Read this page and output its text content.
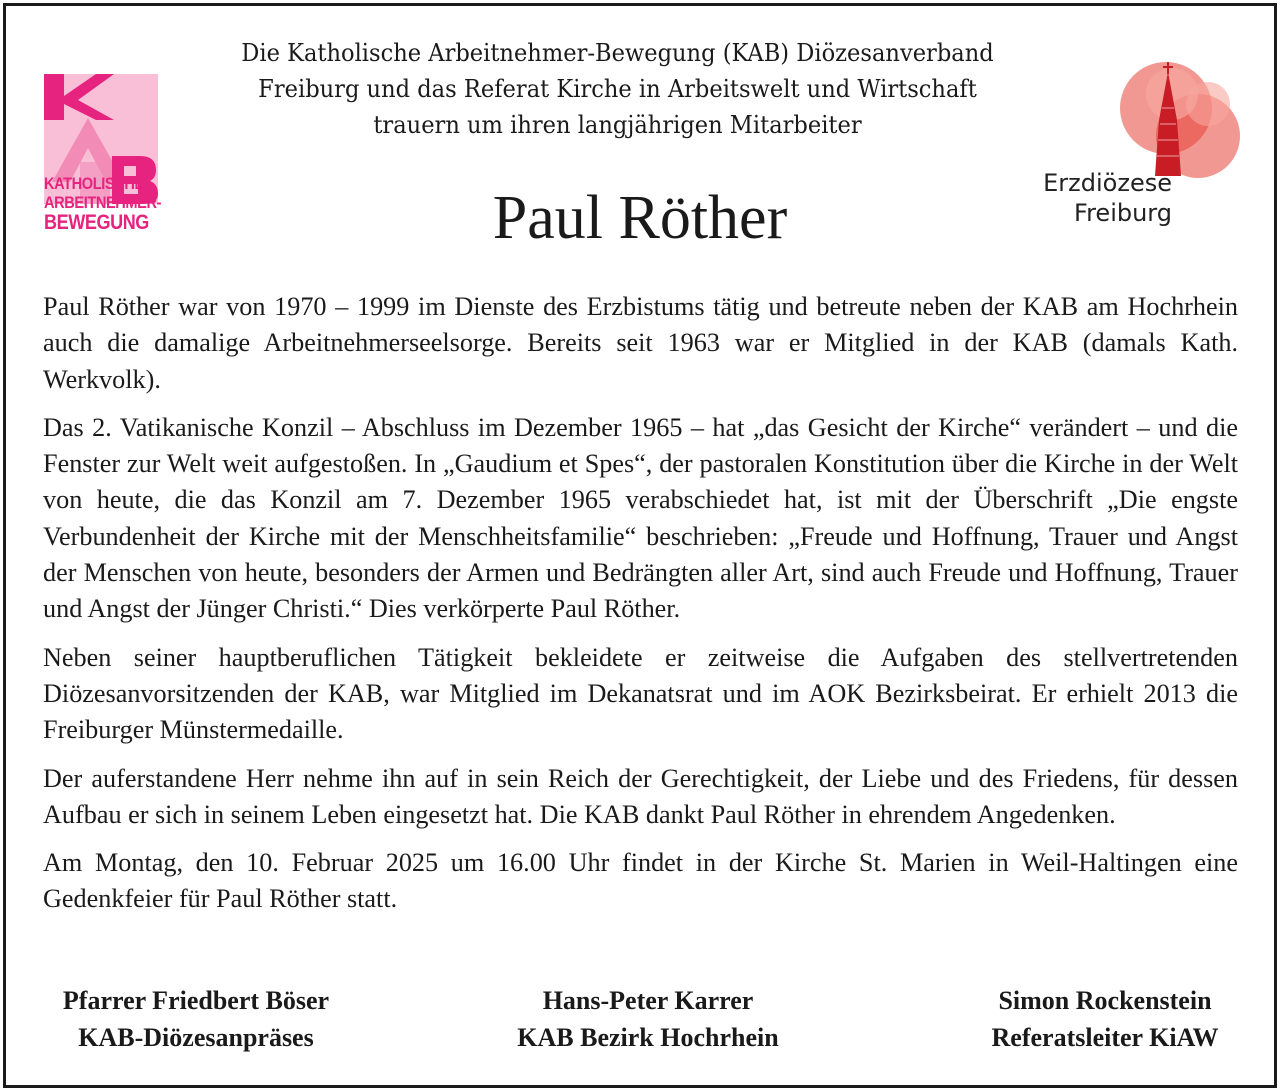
KATHOLISCHE
ARBEITNEHMER-
BEWEGUNG
Die Katholische Arbeitnehmer-Bewegung (KAB) Diözesanverband
Freiburg und das Referat Kirche in Arbeitswelt und Wirtschaft
trauern um ihren langjährigen Mitarbeiter
Paul Röther
Erzdiözese
Freiburg

Paul Röther war von 1970 – 1999 im Dienste des Erzbistums tätig und betreute neben der KAB am Hochrhein auch die damalige Arbeitnehmerseelsorge. Bereits seit 1963 war er Mitglied in der KAB (damals Kath. Werkvolk).

Das 2. Vatikanische Konzil – Abschluss im Dezember 1965 – hat „das Gesicht der Kirche“ verändert – und die Fenster zur Welt weit aufgestoßen. In „Gaudium et Spes“, der pastoralen Konstitution über die Kirche in der Welt von heute, die das Konzil am 7. Dezember 1965 verabschiedet hat, ist mit der Überschrift „Die engste Verbundenheit der Kirche mit der Menschheitsfamilie“ beschrieben: „Freude und Hoffnung, Trauer und Angst der Menschen von heute, besonders der Armen und Bedrängten aller Art, sind auch Freude und Hoffnung, Trauer und Angst der Jünger Christi.“ Dies verkörperte Paul Röther.

Neben seiner hauptberuflichen Tätigkeit bekleidete er zeitweise die Aufgaben des stellvertretenden Diözesanvorsitzenden der KAB, war Mitglied im Dekanatsrat und im AOK Bezirksbeirat. Er erhielt 2013 die Freiburger Münstermedaille.

Der auferstandene Herr nehme ihn auf in sein Reich der Gerechtigkeit, der Liebe und des Friedens, für dessen Aufbau er sich in seinem Leben eingesetzt hat. Die KAB dankt Paul Röther in ehrendem Angedenken.

Am Montag, den 10. Februar 2025 um 16.00 Uhr findet in der Kirche St. Marien in Weil-Haltingen eine Gedenkfeier für Paul Röther statt.

Pfarrer Friedbert Böser
KAB-Diözesanpräses
Hans-Peter Karrer
KAB Bezirk Hochrhein
Simon Rockenstein
Referatsleiter KiAW
